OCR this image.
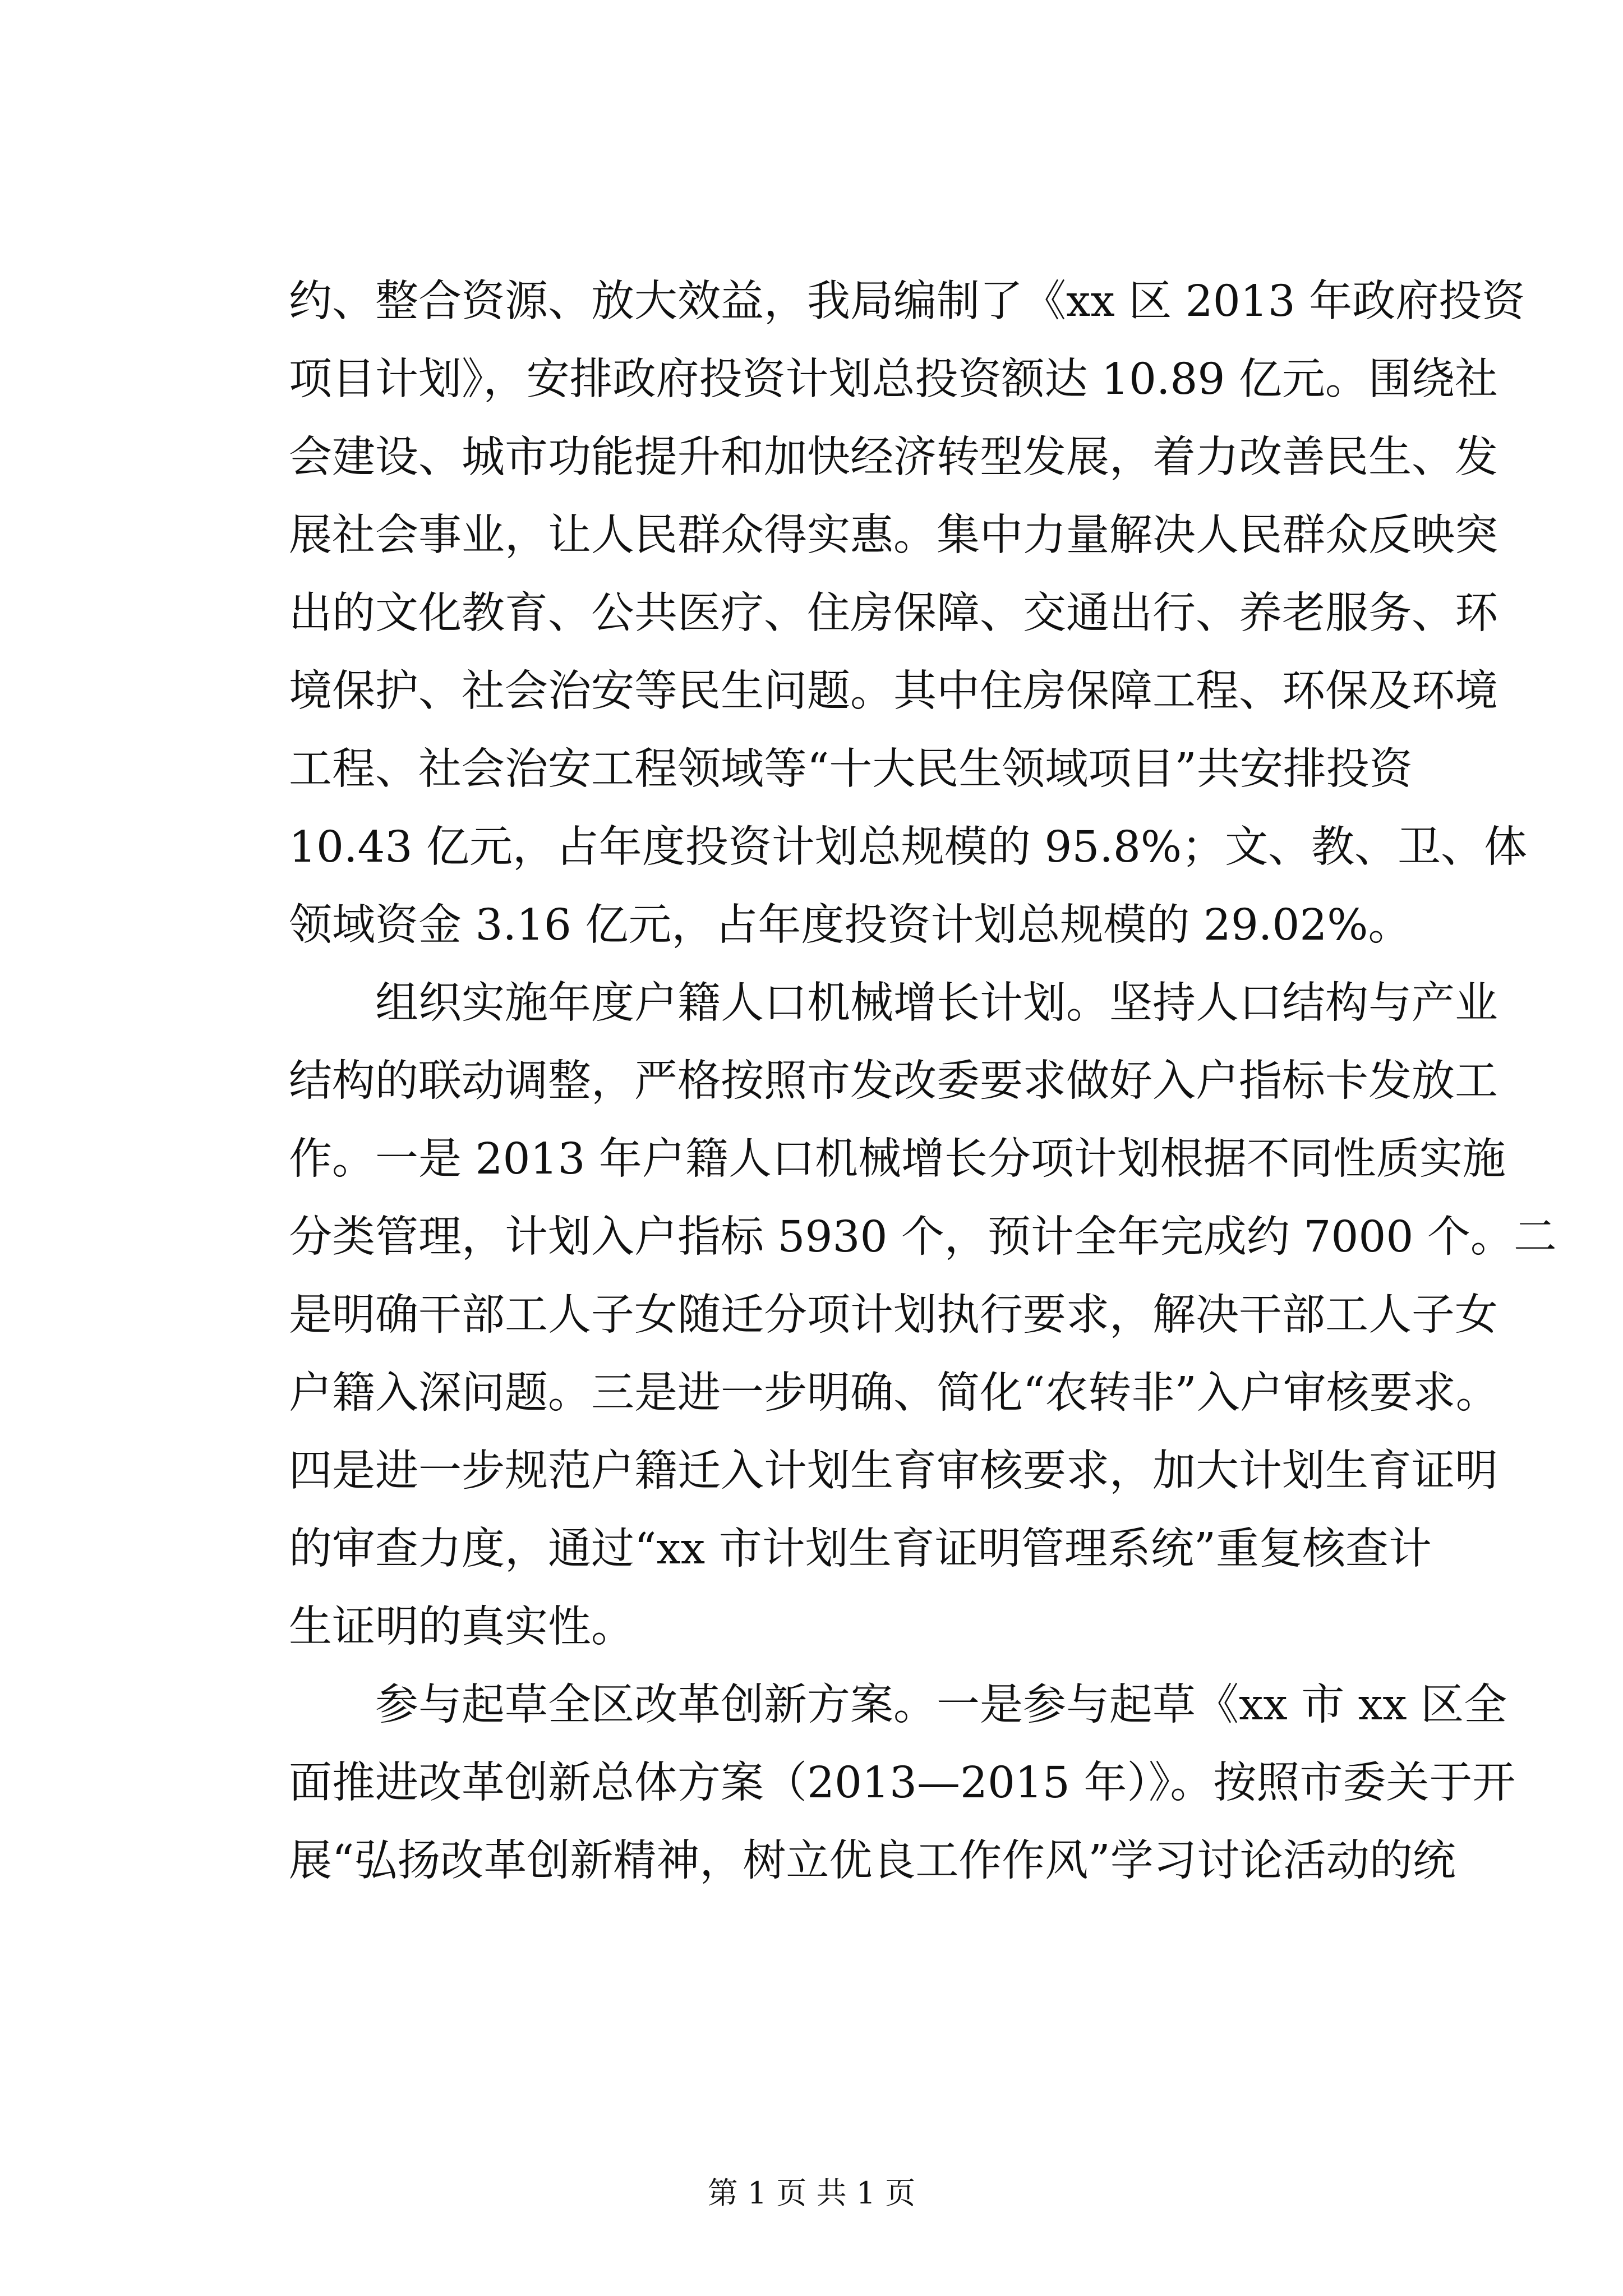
约、整合资源、放大效益，我局编制了《xx 区 2013 年政府投资
项目计划》，安排政府投资计划总投资额达 10.89 亿元。围绕社
会建设、城市功能提升和加快经济转型发展，着力改善民生、发
展社会事业，让人民群众得实惠。集中力量解决人民群众反映突
出的文化教育、公共医疗、住房保障、交通出行、养老服务、环
境保护、社会治安等民生问题。其中住房保障工程、环保及环境
工程、社会治安工程领域等“十大民生领域项目”共安排投资
10.43 亿元，占年度投资计划总规模的 95.8%；文、教、卫、体
领域资金 3.16 亿元，占年度投资计划总规模的 29.02%。
组织实施年度户籍人口机械增长计划。坚持人口结构与产业
结构的联动调整，严格按照市发改委要求做好入户指标卡发放工
作。一是 2013 年户籍人口机械增长分项计划根据不同性质实施
分类管理，计划入户指标 5930 个，预计全年完成约 7000 个。二
是明确干部工人子女随迁分项计划执行要求，解决干部工人子女
户籍入深问题。三是进一步明确、简化“农转非”入户审核要求。
四是进一步规范户籍迁入计划生育审核要求，加大计划生育证明
的审查力度，通过“xx 市计划生育证明管理系统”重复核查计
生证明的真实性。
参与起草全区改革创新方案。一是参与起草《xx 市 xx 区全
面推进改革创新总体方案（2013—2015 年）》。按照市委关于开
展“弘扬改革创新精神，树立优良工作作风”学习讨论活动的统
第 1 页 共 1 页
